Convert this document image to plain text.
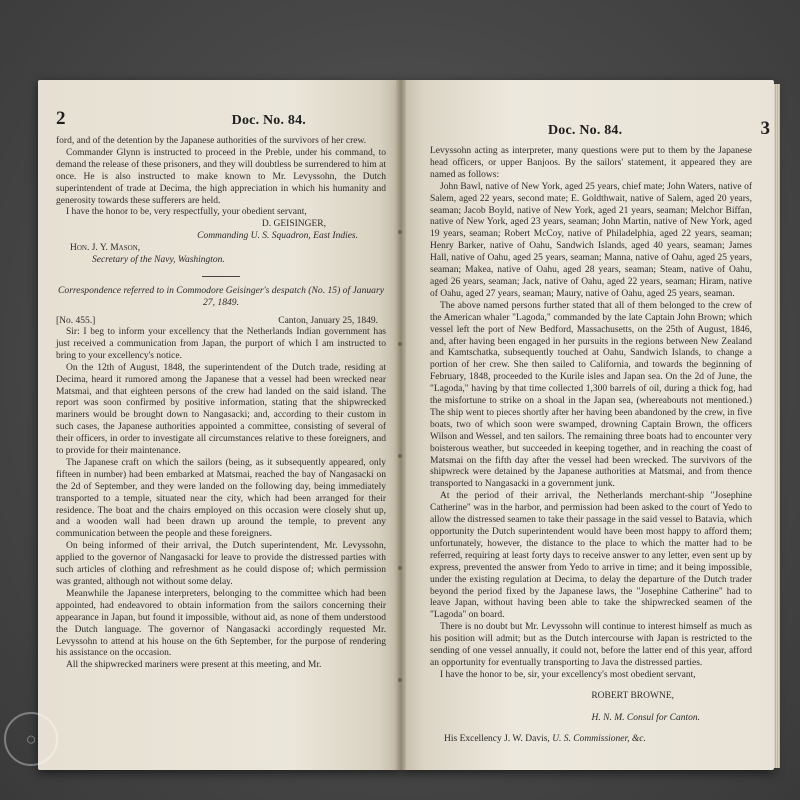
2	Doc. No. 84.

ford, and of the detention by the Japanese authorities of the survivors of her crew.

Commander Glynn is instructed to proceed in the Preble, under his command, to demand the release of these prisoners, and they will doubtless be surrendered to him at once. He is also instructed to make known to Mr. Levyssohn, the Dutch superintendent of trade at Decima, the high appreciation in which his humanity and generosity towards these sufferers are held.

I have the honor to be, very respectfully, your obedient servant,

D. GEISINGER,

Commanding U. S. Squadron, East Indies.

Hon. J. Y. Mason,

Secretary of the Navy, Washington.

Correspondence referred to in Commodore Geisinger's despatch (No. 15) of January 27, 1849.

[No. 455.]	Canton, January 25, 1849.

Sir: I beg to inform your excellency that the Netherlands Indian government has just received a communication from Japan, the purport of which I am instructed to bring to your excellency's notice.

On the 12th of August, 1848, the superintendent of the Dutch trade, residing at Decima, heard it rumored among the Japanese that a vessel had been wrecked near Matsmai, and that eighteen persons of the crew had landed on the said island. The report was soon confirmed by positive information, stating that the shipwrecked mariners would be brought down to Nangasacki; and, according to their custom in such cases, the Japanese authorities appointed a committee, consisting of several of their officers, in order to investigate all circumstances relative to these foreigners, and to provide for their maintenance.

The Japanese craft on which the sailors (being, as it subsequently appeared, only fifteen in number) had been embarked at Matsmai, reached the bay of Nangasacki on the 2d of September, and they were landed on the following day, being immediately transported to a temple, situated near the city, which had been arranged for their residence. The boat and the chairs employed on this occasion were closely shut up, and a wooden wall had been drawn up around the temple, to prevent any communication between the people and these foreigners.

On being informed of their arrival, the Dutch superintendent, Mr. Levyssohn, applied to the governor of Nangasacki for leave to provide the distressed parties with such articles of clothing and refreshment as he could dispose of; which permission was granted, although not without some delay.

Meanwhile the Japanese interpreters, belonging to the committee which had been appointed, had endeavored to obtain information from the sailors concerning their appearance in Japan, but found it impossible, without aid, as none of them understood the Dutch language. The governor of Nangasacki accordingly requested Mr. Levyssohn to attend at his house on the 6th September, for the purpose of rendering his assistance on the occasion.

All the shipwrecked mariners were present at this meeting, and Mr.

Doc. No. 84.	3

Levyssohn acting as interpreter, many questions were put to them by the Japanese head officers, or upper Banjoos. By the sailors' statement, it appeared they are named as follows:

John Bawl, native of New York, aged 25 years, chief mate; John Waters, native of Salem, aged 22 years, second mate; E. Goldthwait, native of Salem, aged 20 years, seaman; Jacob Boyld, native of New York, aged 21 years, seaman; Melchor Biffan, native of New York, aged 23 years, seaman; John Martin, native of New York, aged 19 years, seaman; Robert McCoy, native of Philadelphia, aged 22 years, seaman; Henry Barker, native of Oahu, Sandwich Islands, aged 40 years, seaman; James Hall, native of Oahu, aged 25 years, seaman; Manna, native of Oahu, aged 25 years, seaman; Makea, native of Oahu, aged 28 years, seaman; Steam, native of Oahu, aged 26 years, seaman; Jack, native of Oahu, aged 22 years, seaman; Hiram, native of Oahu, aged 27 years, seaman; Maury, native of Oahu, aged 25 years, seaman.

The above named persons further stated that all of them belonged to the crew of the American whaler "Lagoda," commanded by the late Captain John Brown; which vessel left the port of New Bedford, Massachusetts, on the 25th of August, 1846, and, after having been engaged in her pursuits in the regions between New Zealand and Kamtschatka, subsequently touched at Oahu, Sandwich Islands, to change a portion of her crew. She then sailed to California, and towards the beginning of February, 1848, proceeded to the Kurile isles and Japan sea. On the 2d of June, the "Lagoda," having by that time collected 1,300 barrels of oil, during a thick fog, had the misfortune to strike on a shoal in the Japan sea, (whereabouts not mentioned.) The ship went to pieces shortly after her having been abandoned by the crew, in five boats, two of which soon were swamped, drowning Captain Brown, the officers Wilson and Wessel, and ten sailors. The remaining three boats had to encounter very boisterous weather, but succeeded in keeping together, and in reaching the coast of Matsmai on the fifth day after the vessel had been wrecked. The survivors of the shipwreck were detained by the Japanese authorities at Matsmai, and from thence transported to Nangasacki in a government junk.

At the period of their arrival, the Netherlands merchant-ship "Josephine Catherine" was in the harbor, and permission had been asked to the court of Yedo to allow the distressed seamen to take their passage in the said vessel to Batavia, which opportunity the Dutch superintendent would have been most happy to afford them; unfortunately, however, the distance to the place to which the matter had to be referred, requiring at least forty days to receive answer to any letter, even sent up by express, prevented the answer from Yedo to arrive in time; and it being impossible, under the existing regulation at Decima, to delay the departure of the Dutch trader beyond the period fixed by the Japanese laws, the "Josephine Catherine" had to leave Japan, without having been able to take the shipwrecked seamen of the "Lagoda" on board.

There is no doubt but Mr. Levyssohn will continue to interest himself as much as his position will admit; but as the Dutch intercourse with Japan is restricted to the sending of one vessel annually, it could not, before the latter end of this year, afford an opportunity for eventually transporting to Java the distressed parties.

I have the honor to be, sir, your excellency's most obedient servant,

ROBERT BROWNE,

H. N. M. Consul for Canton.

His Excellency J. W. Davis, U. S. Commissioner, &c.

○
